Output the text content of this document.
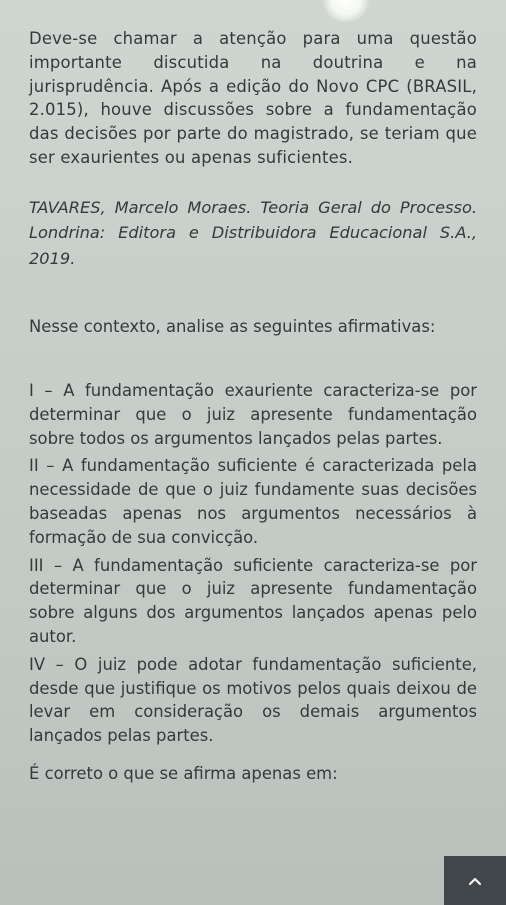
Deve-se chamar a atenção para uma questão importante discutida na doutrina e na jurisprudência. Após a edição do Novo CPC (BRASIL, 2.015), houve discussões sobre a fundamentação das decisões por parte do magistrado, se teriam que ser exaurientes ou apenas suficientes.

TAVARES, Marcelo Moraes. Teoria Geral do Processo. Londrina: Editora e Distribuidora Educacional S.A., 2019.

Nesse contexto, analise as seguintes afirmativas:

I – A fundamentação exauriente caracteriza-se por determinar que o juiz apresente fundamentação sobre todos os argumentos lançados pelas partes.

II – A fundamentação suficiente é caracterizada pela necessidade de que o juiz fundamente suas decisões baseadas apenas nos argumentos necessários à formação de sua convicção.

III – A fundamentação suficiente caracteriza-se por determinar que o juiz apresente fundamentação sobre alguns dos argumentos lançados apenas pelo autor.

IV – O juiz pode adotar fundamentação suficiente, desde que justifique os motivos pelos quais deixou de levar em consideração os demais argumentos lançados pelas partes.

É correto o que se afirma apenas em:
